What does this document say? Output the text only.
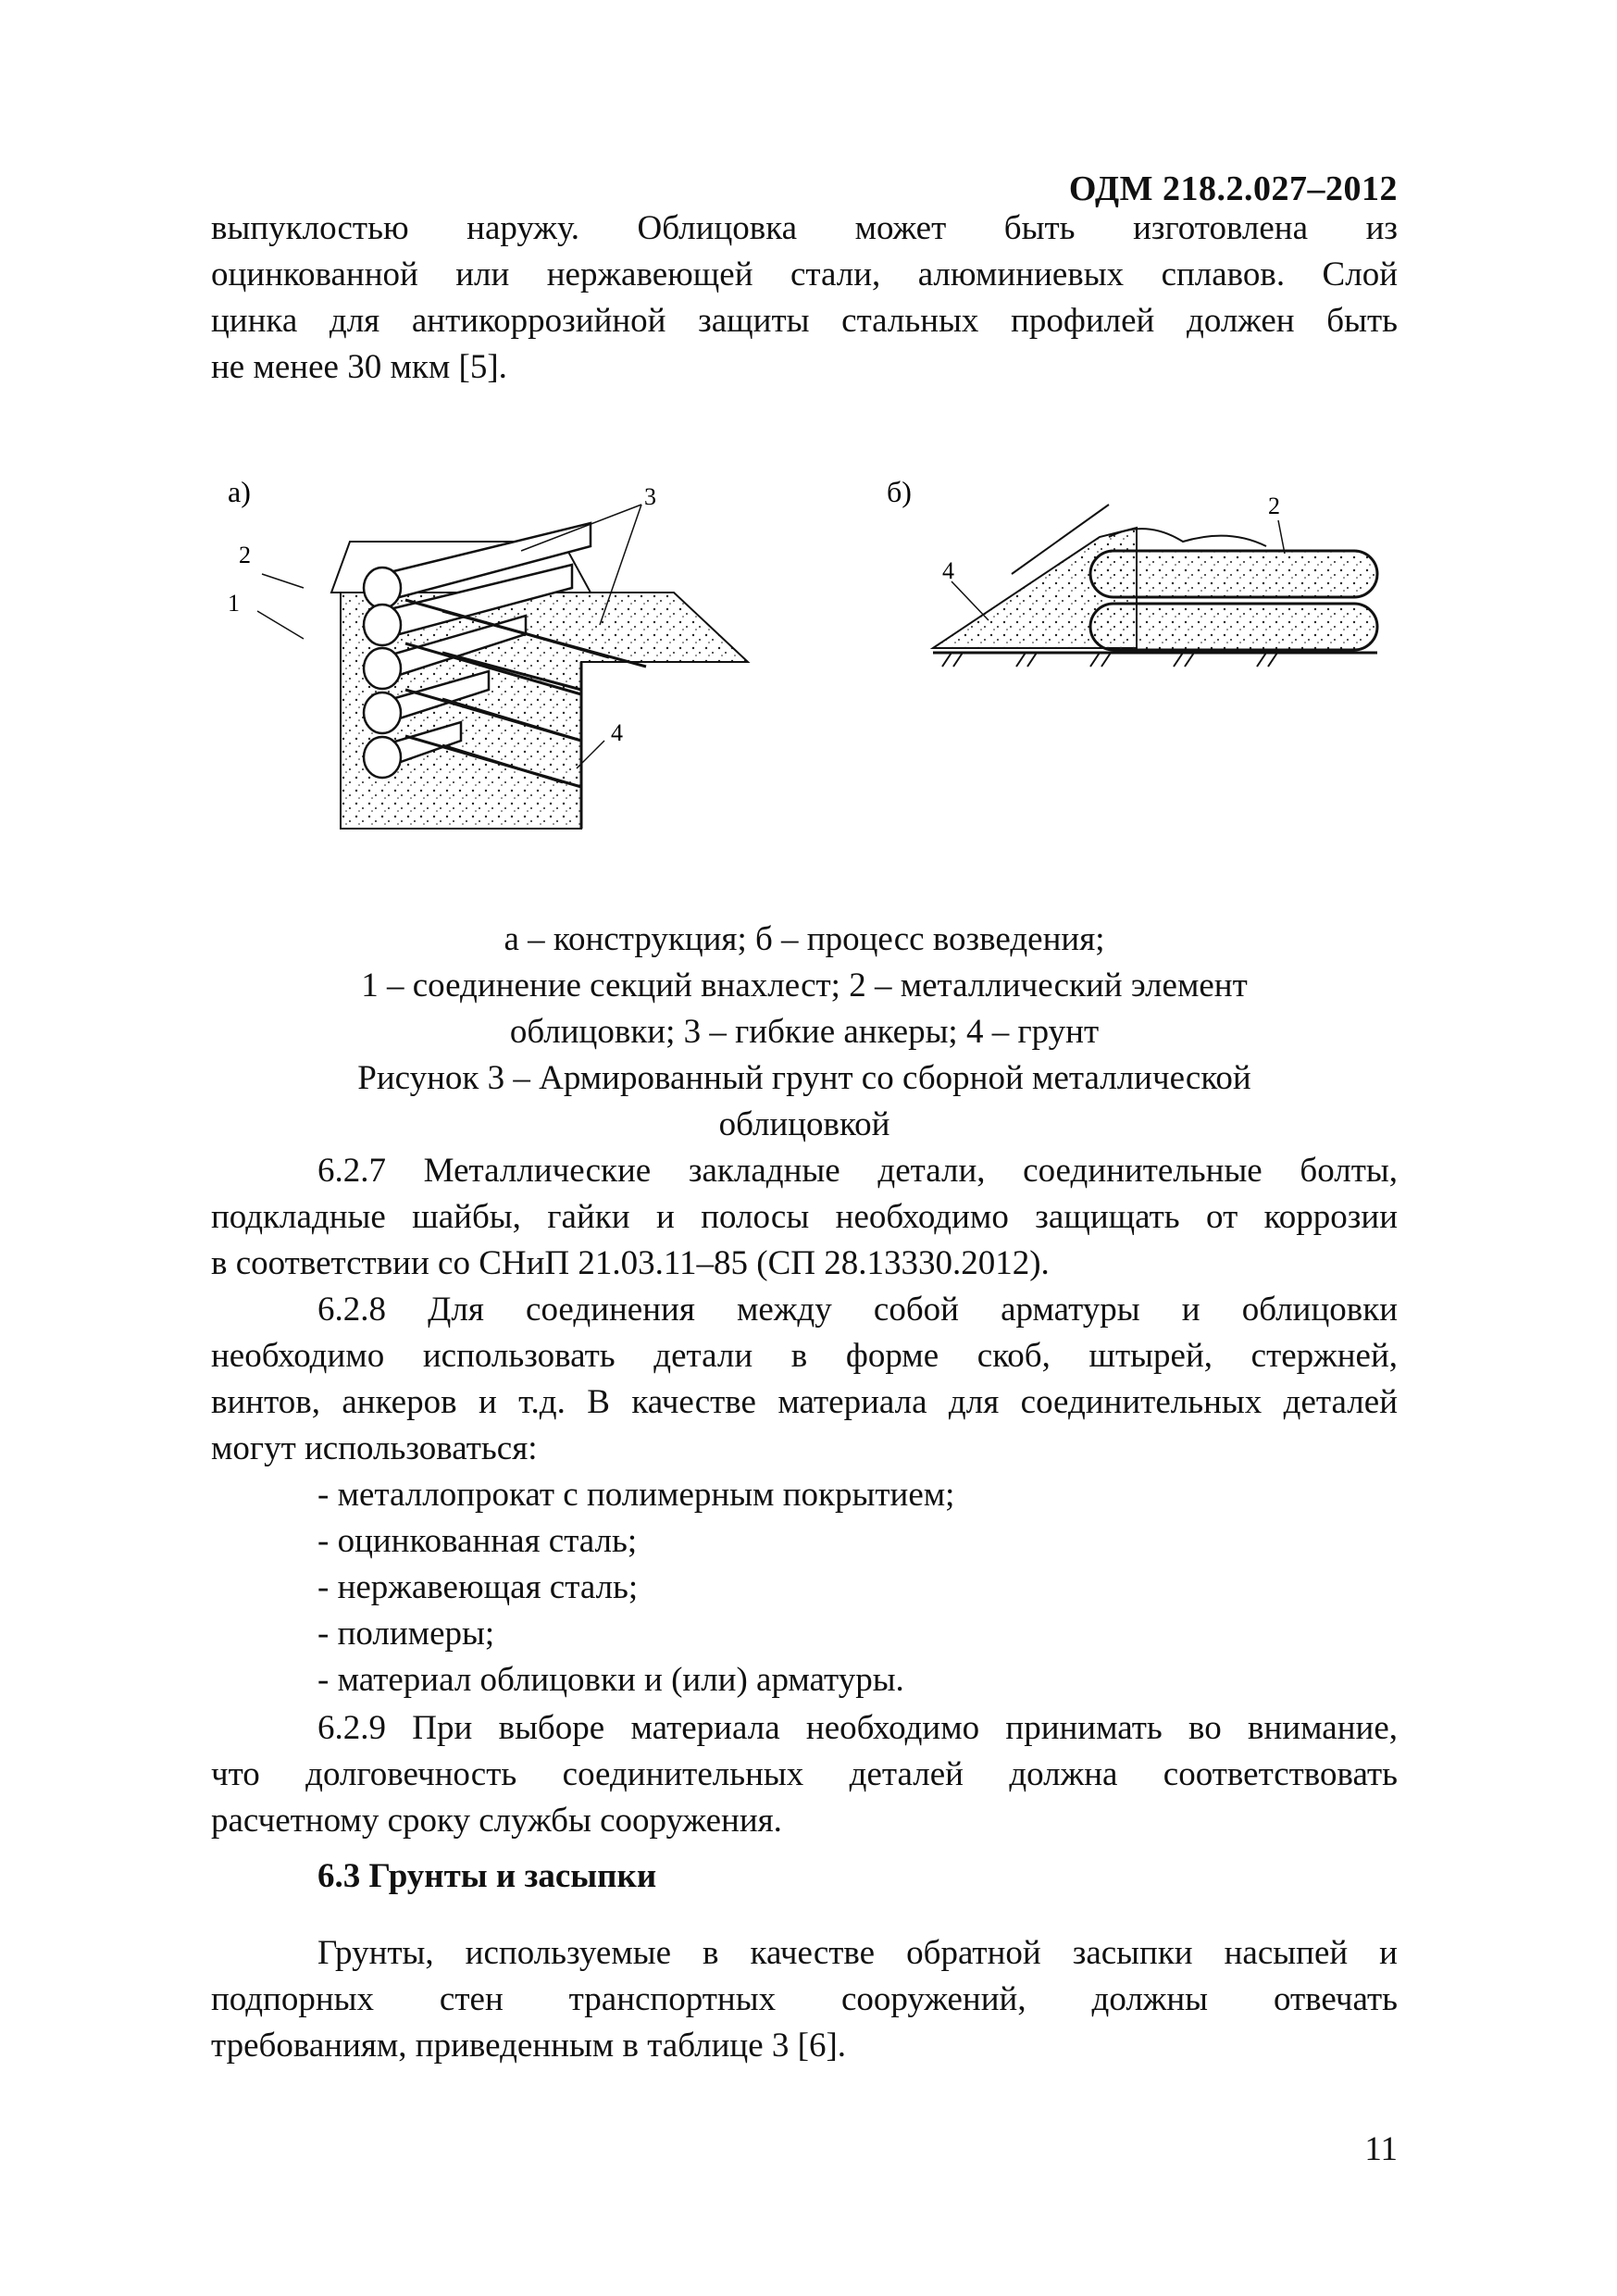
ОДМ 218.2.027–2012
выпуклостью наружу. Облицовка может быть изготовлена из
оцинкованной или нержавеющей стали, алюминиевых сплавов. Слой
цинка для антикоррозийной защиты стальных профилей должен быть
не менее 30 мкм [5].
а)
2
1
3
4
б)	2
4
а – конструкция; б – процесс возведения;
1 – соединение секций внахлест; 2 – металлический элемент
облицовки; 3 – гибкие анкеры; 4 – грунт
Рисунок 3 – Армированный грунт со сборной металлической
облицовкой
6.2.7 Металлические закладные детали, соединительные болты,
подкладные шайбы, гайки и полосы необходимо защищать от коррозии
в соответствии со СНиП 21.03.11–85 (СП 28.13330.2012).
6.2.8 Для соединения между собой арматуры и облицовки
необходимо использовать детали в форме скоб, штырей, стержней,
винтов, анкеров и т.д. В качестве материала для соединительных деталей
могут использоваться:
- металлопрокат с полимерным покрытием;
- оцинкованная сталь;
- нержавеющая сталь;
- полимеры;
- материал облицовки и (или) арматуры.
6.2.9 При выборе материала необходимо принимать во внимание,
что долговечность соединительных деталей должна соответствовать
расчетному сроку службы сооружения.
6.3 Грунты и засыпки
Грунты, используемые в качестве обратной засыпки насыпей и
подпорных стен транспортных сооружений, должны отвечать
требованиям, приведенным в таблице 3 [6].
11
